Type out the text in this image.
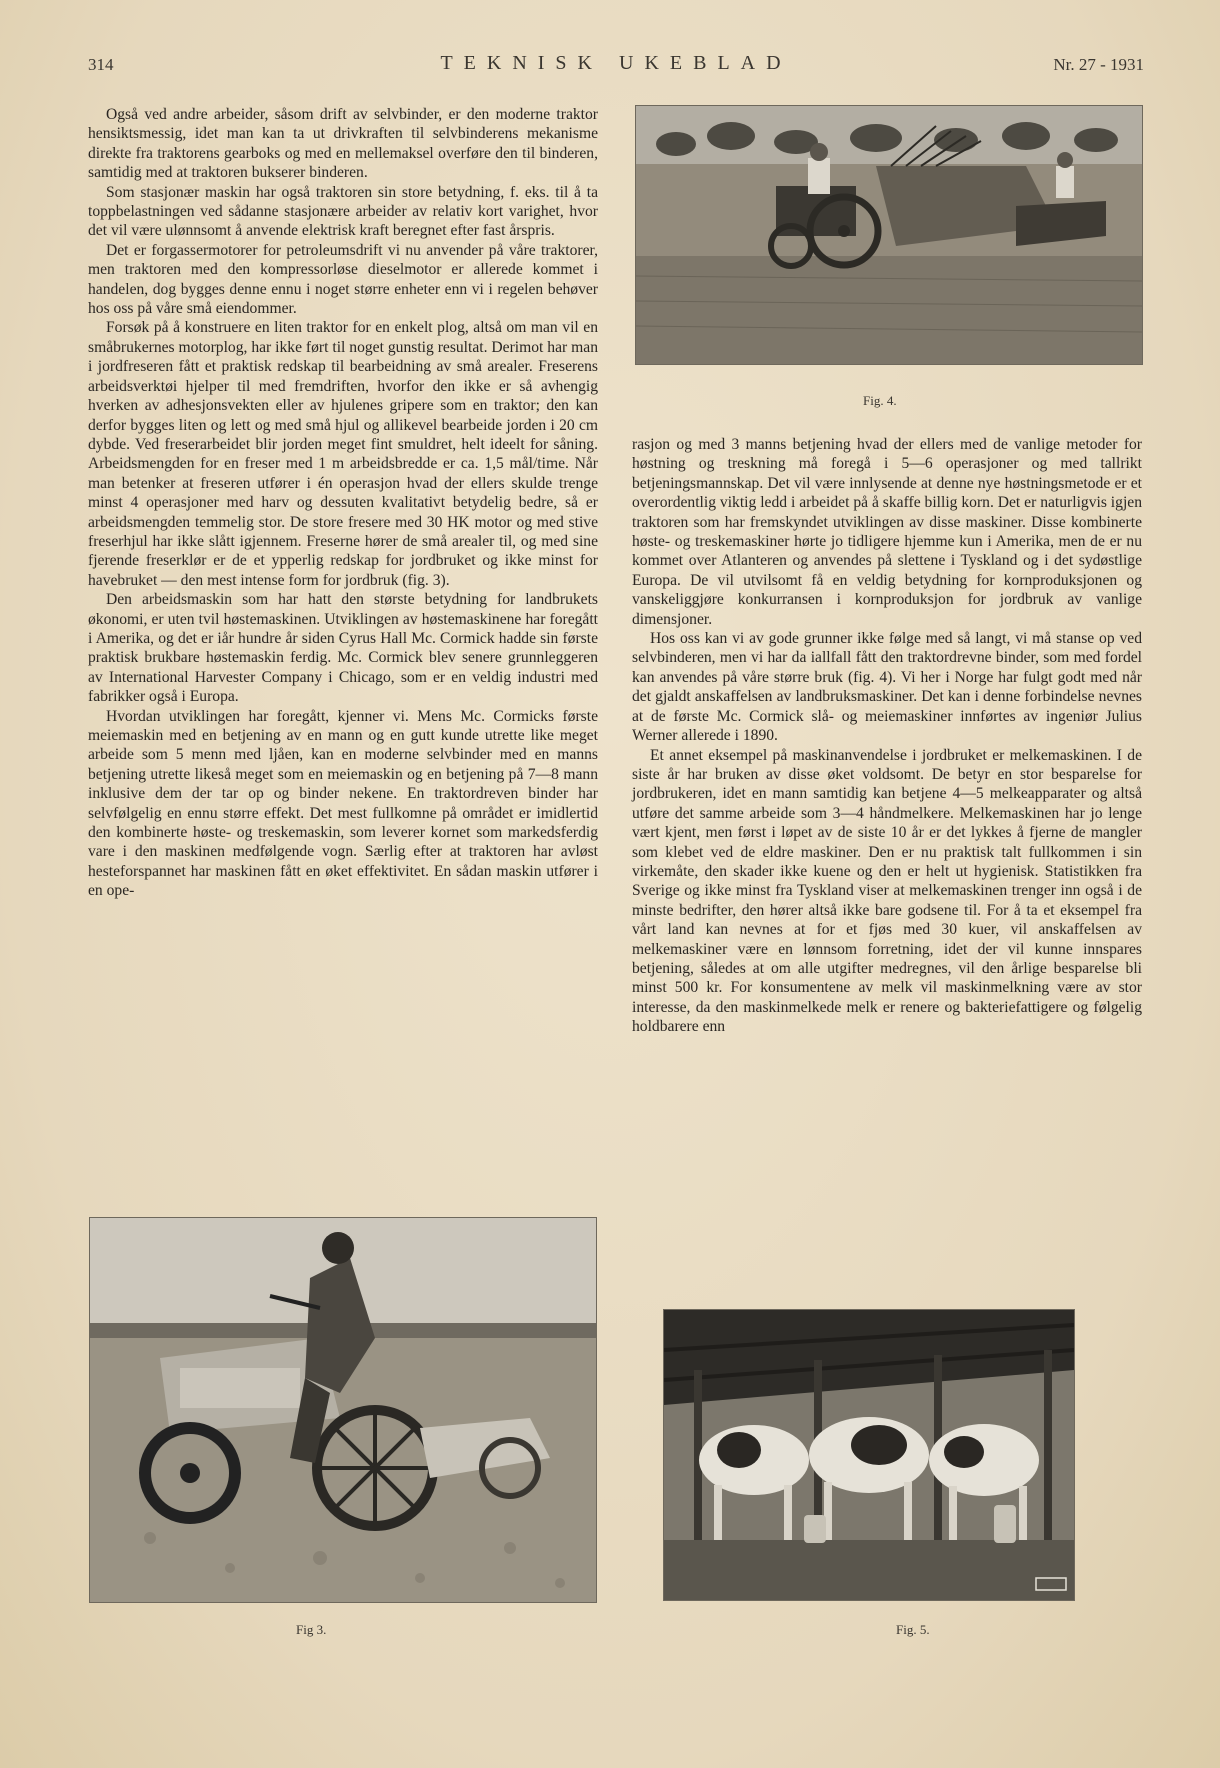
314	TEKNISK UKEBLAD	Nr. 27 - 1931

Også ved andre arbeider, såsom drift av selvbinder, er den moderne traktor hensiktsmessig, idet man kan ta ut drivkraften til selvbinderens mekanisme direkte fra traktorens gearboks og med en mellemaksel overføre den til binderen, samtidig med at traktoren bukserer binderen.

Som stasjonær maskin har også traktoren sin store betydning, f. eks. til å ta toppbelastningen ved sådanne stasjonære arbeider av relativ kort varighet, hvor det vil være ulønnsomt å anvende elektrisk kraft beregnet efter fast årspris.

Det er forgassermotorer for petroleumsdrift vi nu anvender på våre traktorer, men traktoren med den kompressorløse dieselmotor er allerede kommet i handelen, dog bygges denne ennu i noget større enheter enn vi i regelen behøver hos oss på våre små eiendommer.

Forsøk på å konstruere en liten traktor for en enkelt plog, altså om man vil en småbrukernes motorplog, har ikke ført til noget gunstig resultat. Derimot har man i jordfreseren fått et praktisk redskap til bearbeidning av små arealer. Freserens arbeidsverktøi hjelper til med fremdriften, hvorfor den ikke er så avhengig hverken av adhesjonsvekten eller av hjulenes gripere som en traktor; den kan derfor bygges liten og lett og med små hjul og allikevel bearbeide jorden i 20 cm dybde. Ved freserarbeidet blir jorden meget fint smuldret, helt ideelt for såning. Arbeidsmengden for en freser med 1 m arbeidsbredde er ca. 1,5 mål/time. Når man betenker at freseren utfører i én operasjon hvad der ellers skulde trenge minst 4 operasjoner med harv og dessuten kvalitativt betydelig bedre, så er arbeidsmengden temmelig stor. De store fresere med 30 HK motor og med stive freserhjul har ikke slått igjennem. Freserne hører de små arealer til, og med sine fjerende freserklør er de et ypperlig redskap for jordbruket og ikke minst for havebruket — den mest intense form for jordbruk (fig. 3).

Den arbeidsmaskin som har hatt den største betydning for landbrukets økonomi, er uten tvil høstemaskinen. Utviklingen av høstemaskinene har foregått i Amerika, og det er iår hundre år siden Cyrus Hall Mc. Cormick hadde sin første praktisk brukbare høstemaskin ferdig. Mc. Cormick blev senere grunnleggeren av International Harvester Company i Chicago, som er en veldig industri med fabrikker også i Europa.

Hvordan utviklingen har foregått, kjenner vi. Mens Mc. Cormicks første meiemaskin med en betjening av en mann og en gutt kunde utrette like meget arbeide som 5 menn med ljåen, kan en moderne selvbinder med en manns betjening utrette likeså meget som en meiemaskin og en betjening på 7—8 mann inklusive dem der tar op og binder nekene. En traktordreven binder har selvfølgelig en ennu større effekt. Det mest fullkomne på området er imidlertid den kombinerte høste- og treskemaskin, som leverer kornet som markedsferdig vare i den maskinen medfølgende vogn. Særlig efter at traktoren har avløst hesteforspannet har maskinen fått en øket effektivitet. En sådan maskin utfører i en ope-

rasjon og med 3 manns betjening hvad der ellers med de vanlige metoder for høstning og treskning må foregå i 5—6 operasjoner og med tallrikt betjeningsmannskap. Det vil være innlysende at denne nye høstningsmetode er et overordentlig viktig ledd i arbeidet på å skaffe billig korn. Det er naturligvis igjen traktoren som har fremskyndet utviklingen av disse maskiner. Disse kombinerte høste- og treskemaskiner hørte jo tidligere hjemme kun i Amerika, men de er nu kommet over Atlanteren og anvendes på slettene i Tyskland og i det sydøstlige Europa. De vil utvilsomt få en veldig betydning for kornproduksjonen og vanskeliggjøre konkurransen i kornproduksjon for jordbruk av vanlige dimensjoner.

Hos oss kan vi av gode grunner ikke følge med så langt, vi må stanse op ved selvbinderen, men vi har da iallfall fått den traktordrevne binder, som med fordel kan anvendes på våre større bruk (fig. 4). Vi her i Norge har fulgt godt med når det gjaldt anskaffelsen av landbruksmaskiner. Det kan i denne forbindelse nevnes at de første Mc. Cormick slå- og meiemaskiner innførtes av ingeniør Julius Werner allerede i 1890.

Et annet eksempel på maskinanvendelse i jordbruket er melkemaskinen. I de siste år har bruken av disse øket voldsomt. De betyr en stor besparelse for jordbrukeren, idet en mann samtidig kan betjene 4—5 melkeapparater og altså utføre det samme arbeide som 3—4 håndmelkere. Melkemaskinen har jo lenge vært kjent, men først i løpet av de siste 10 år er det lykkes å fjerne de mangler som klebet ved de eldre maskiner. Den er nu praktisk talt fullkommen i sin virkemåte, den skader ikke kuene og den er helt ut hygienisk. Statistikken fra Sverige og ikke minst fra Tyskland viser at melkemaskinen trenger inn også i de minste bedrifter, den hører altså ikke bare godsene til. For å ta et eksempel fra vårt land kan nevnes at for et fjøs med 30 kuer, vil anskaffelsen av melkemaskiner være en lønnsom forretning, idet der vil kunne innspares betjening, således at om alle utgifter medregnes, vil den årlige besparelse bli minst 500 kr. For konsumentene av melk vil maskinmelkning være av stor interesse, da den maskinmelkede melk er renere og bakteriefattigere og følgelig holdbarere enn

Fig. 4.
Fig 3.	Fig. 5.
